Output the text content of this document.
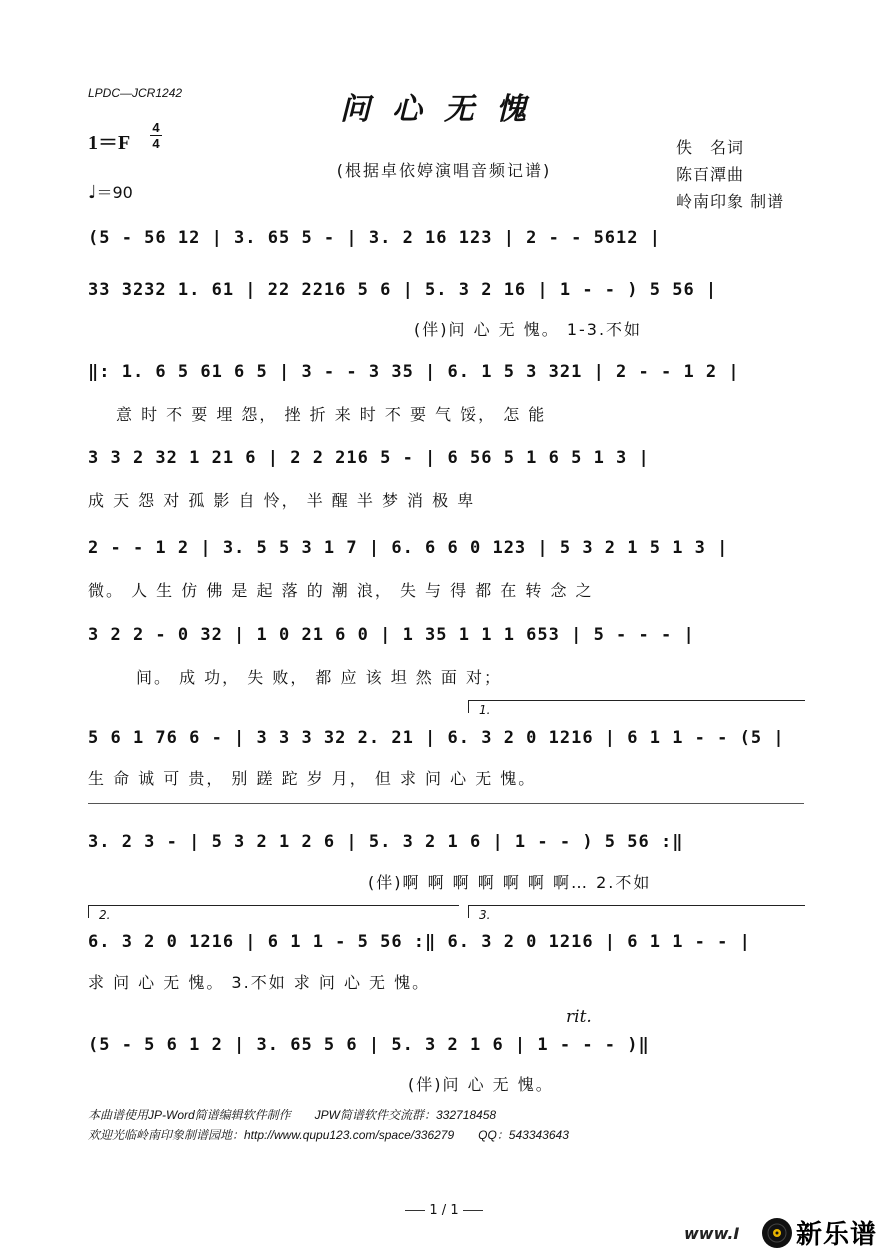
LPDC—JCR1242	问心无愧
1＝F
4
4
♩＝90
(根据卓依婷演唱音频记谱)
佚　名词
陈百潭曲
岭南印象 制谱
(5 - 56 12 | 3. 65 5 - | 3. 2 16 123 | 2 - - 5612 |
33 3232 1. 61 | 22 2216 5 6 | 5. 3 2 16 | 1 - - ) 5 56 |
(伴)问 心 无 愧。 1-3.不如
‖: 1. 6 5 61 6 5 | 3 - - 3 35 | 6. 1 5 3 321 | 2 - - 1 2 |
意 时 不 要 埋 怨， 挫 折 来 时 不 要 气 馁， 怎 能
3 3 2 32 1 21 6 | 2 2 216 5 - | 6 56 5 1 6 5 1 3 |
成 天 怨 对 孤 影 自 怜， 半 醒 半 梦 消 极 卑
2 - - 1 2 | 3. 5 5 3 1 7 | 6. 6 6 0 123 | 5 3 2 1 5 1 3 |
微。 人 生 仿 佛 是 起 落 的 潮 浪， 失 与 得 都 在 转 念 之
3 2 2 - 0 32 | 1 0 21 6 0 | 1 35 1 1 1 653 | 5 - - - |
间。 成 功， 失 败， 都 应 该 坦 然 面 对；
1.
5 6 1 76 6 - | 3 3 3 32 2. 21 | 6. 3 2 0 1216 | 6 1 1 - - (5 |
生 命 诚 可 贵， 别 蹉 跎 岁 月， 但 求 问 心 无 愧。
3. 2 3 - | 5 3 2 1 2 6 | 5. 3 2 1 6 | 1 - - ) 5 56 :‖
(伴)啊 啊 啊 啊 啊 啊 啊… 2.不如
2.	3.
6. 3 2 0 1216 | 6 1 1 - 5 56 :‖ 6. 3 2 0 1216 | 6 1 1 - - |
求 问 心 无 愧。 3.不如 求 问 心 无 愧。
rit.
(5 - 5 6 1 2 | 3. 65 5 6 | 5. 3 2 1 6 | 1 - - - )‖
(伴)问 心 无 愧。
本曲谱使用JP-Word简谱编辑软件制作　　JPW简谱软件交流群：332718458
欢迎光临岭南印象制谱园地：http://www.qupu123.com/space/336279　　QQ：543343643
1 / 1
www.I 新乐谱
